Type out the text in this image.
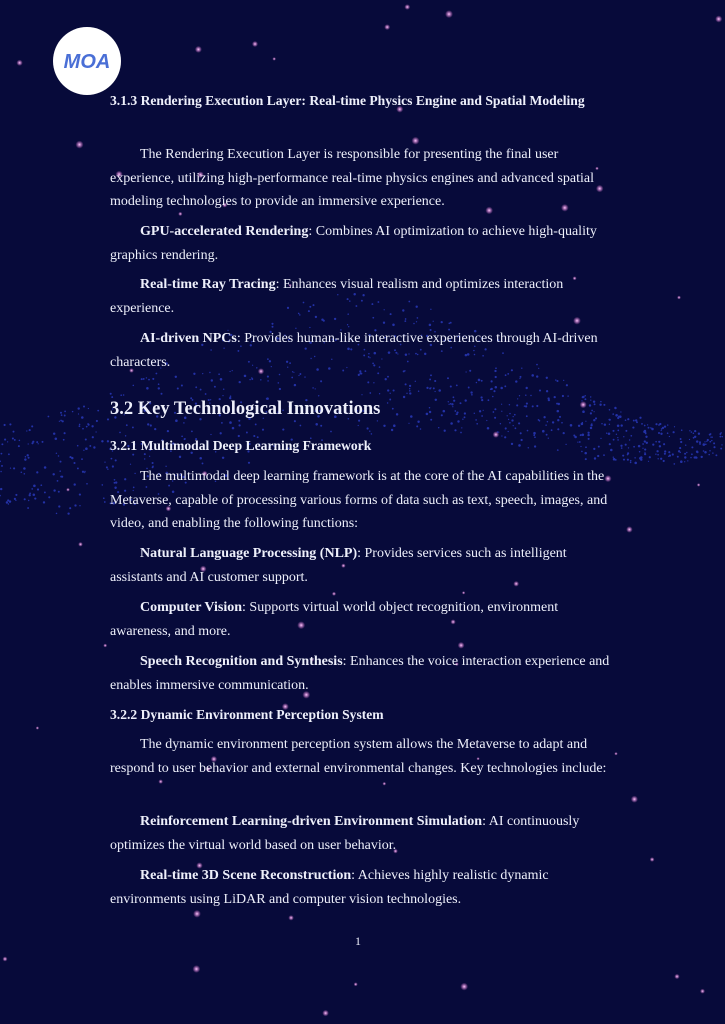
MOA
3.1.3 Rendering Execution Layer: Real-time Physics Engine and Spatial Modeling

The Rendering Execution Layer is responsible for presenting the final user experience, utilizing high-performance real-time physics engines and advanced spatial modeling technologies to provide an immersive experience.

GPU-accelerated Rendering: Combines AI optimization to achieve high-quality graphics rendering.

Real-time Ray Tracing: Enhances visual realism and optimizes interaction experience.

AI-driven NPCs: Provides human-like interactive experiences through AI-driven characters.

3.2 Key Technological Innovations
3.2.1 Multimodal Deep Learning Framework

The multimodal deep learning framework is at the core of the AI capabilities in the Metaverse, capable of processing various forms of data such as text, speech, images, and video, and enabling the following functions:

Natural Language Processing (NLP): Provides services such as intelligent assistants and AI customer support.

Computer Vision: Supports virtual world object recognition, environment awareness, and more.

Speech Recognition and Synthesis: Enhances the voice interaction experience and enables immersive communication.

3.2.2 Dynamic Environment Perception System

The dynamic environment perception system allows the Metaverse to adapt and respond to user behavior and external environmental changes. Key technologies include:

Reinforcement Learning-driven Environment Simulation: AI continuously optimizes the virtual world based on user behavior.

Real-time 3D Scene Reconstruction: Achieves highly realistic dynamic environments using LiDAR and computer vision technologies.

1
